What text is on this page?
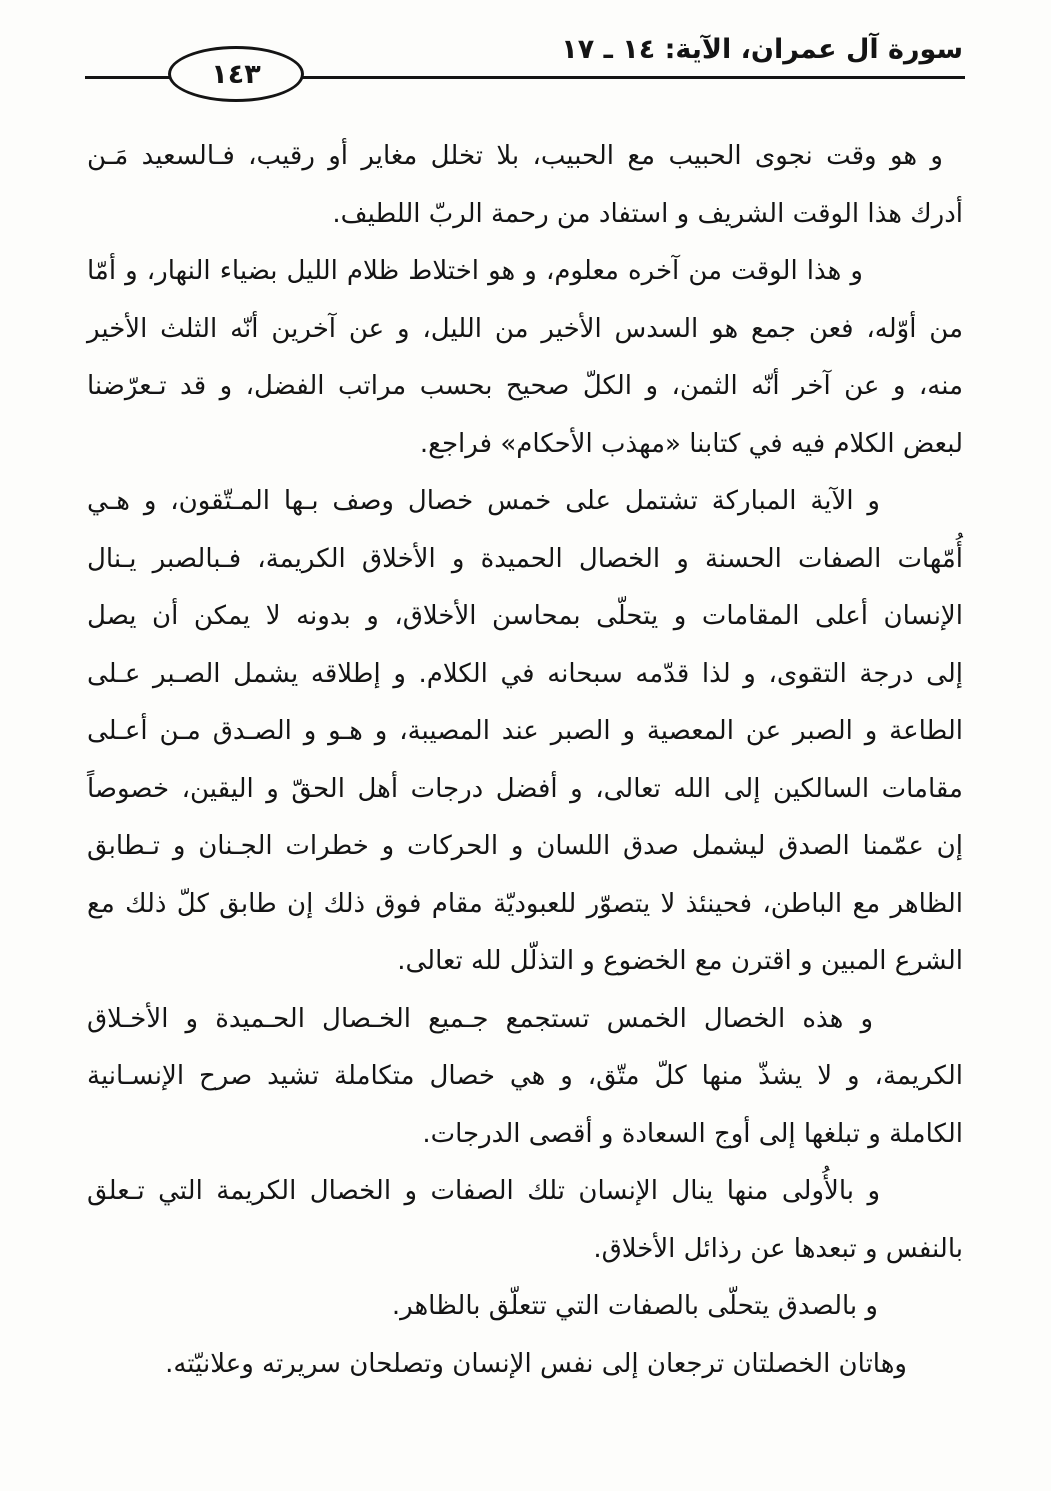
سورة آل عمران، الآية: ١٤ ـ ١٧
١٤٣
و هو وقت نجوى الحبيب مع الحبيب، بلا تخلل مغاير أو رقيب، فـالسعيد مَـن
أدرك هذا الوقت الشريف و استفاد من رحمة الربّ اللطيف.
و هذا الوقت من آخره معلوم، و هو اختلاط ظلام الليل بضياء النهار، و أمّا
من أوّله، فعن جمع هو السدس الأخير من الليل، و عن آخرين أنّه الثلث الأخير
منه، و عن آخر أنّه الثمن، و الكلّ صحيح بحسب مراتب الفضل، و قد تـعرّضنا
لبعض الكلام فيه في كتابنا «مهذب الأحكام» فراجع.
و الآية المباركة تشتمل على خمس خصال وصف بـها المـتّقون، و هـي
أُمّهات الصفات الحسنة و الخصال الحميدة و الأخلاق الكريمة، فـبالصبر يـنال
الإنسان أعلى المقامات و يتحلّى بمحاسن الأخلاق، و بدونه لا يمكن أن يصل
إلى درجة التقوى، و لذا قدّمه سبحانه في الكلام. و إطلاقه يشمل الصـبر عـلى
الطاعة و الصبر عن المعصية و الصبر عند المصيبة، و هـو و الصـدق مـن أعـلى
مقامات السالكين إلى الله تعالى، و أفضل درجات أهل الحقّ و اليقين، خصوصاً
إن عمّمنا الصدق ليشمل صدق اللسان و الحركات و خطرات الجـنان و تـطابق
الظاهر مع الباطن، فحينئذ لا يتصوّر للعبوديّة مقام فوق ذلك إن طابق كلّ ذلك مع
الشرع المبين و اقترن مع الخضوع و التذلّل لله تعالى.
و هذه الخصال الخمس تستجمع جـميع الخـصال الحـميدة و الأخـلاق
الكريمة، و لا يشذّ منها كلّ متّق، و هي خصال متكاملة تشيد صرح الإنسـانية
الكاملة و تبلغها إلى أوج السعادة و أقصى الدرجات.
و بالأُولى منها ينال الإنسان تلك الصفات و الخصال الكريمة التي تـعلق
بالنفس و تبعدها عن رذائل الأخلاق.
و بالصدق يتحلّى بالصفات التي تتعلّق بالظاهر.
وهاتان الخصلتان ترجعان إلى نفس الإنسان وتصلحان سريرته وعلانيّته.
